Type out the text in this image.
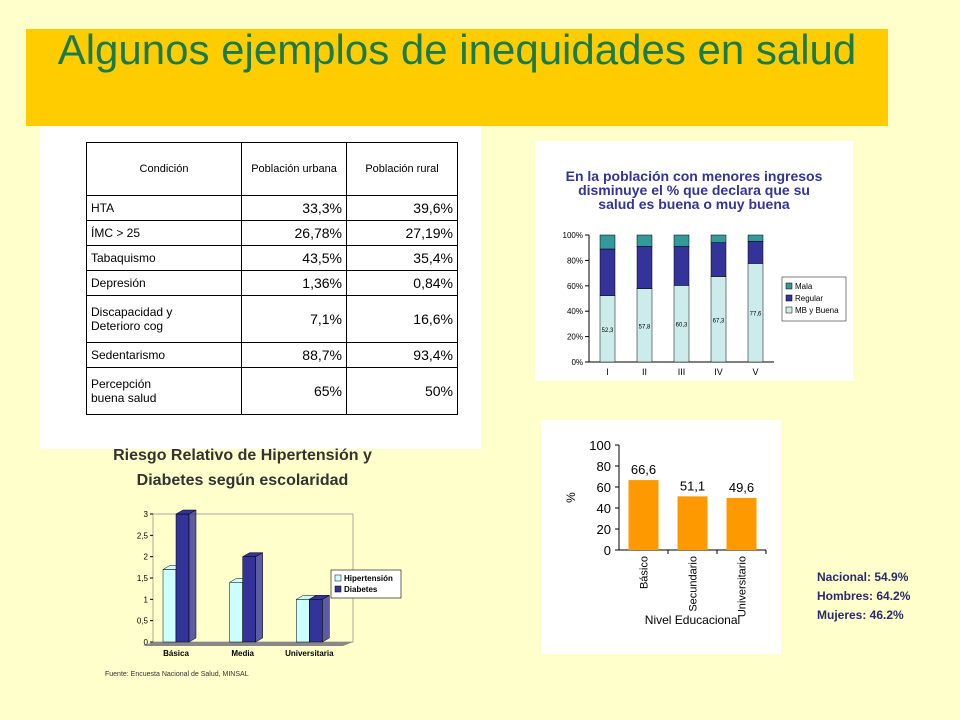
Algunos ejemplos de inequidades en salud
Condición	Población urbana	Población rural
HTA	33,3%	39,6%
ÍMC > 25	26,78%	27,19%
Tabaquismo	43,5%	35,4%
Depresión	1,36%	0,84%

Discapacidad y
Deterioro cog	7,1%	16,6%
Sedentarismo	88,7%	93,4%

Percepción
buena salud	65%	50%
Riesgo Relativo de Hipertensión y
Diabetes según escolaridad
0
0,5
1
1,5
2
2,5
3
Básica	Media	Universitaria
Hipertensión
Diabetes
Fuente: Encuesta Nacional de Salud, MINSAL
En la población con menores ingresos
disminuye el % que declara que su
salud es buena o muy buena
0%
20%
40%
60%
80%
100%
52,3
I
57,8
II
60,3
III
67,3
IV
77,6
V
Mala
Regular
MB y Buena
0
20
40
60
80
100
%
66,6
Básico
51,1
Secundario
49,6
Universitario
Nivel Educacional
Nacional: 54.9%
Hombres: 64.2%
Mujeres: 46.2%
